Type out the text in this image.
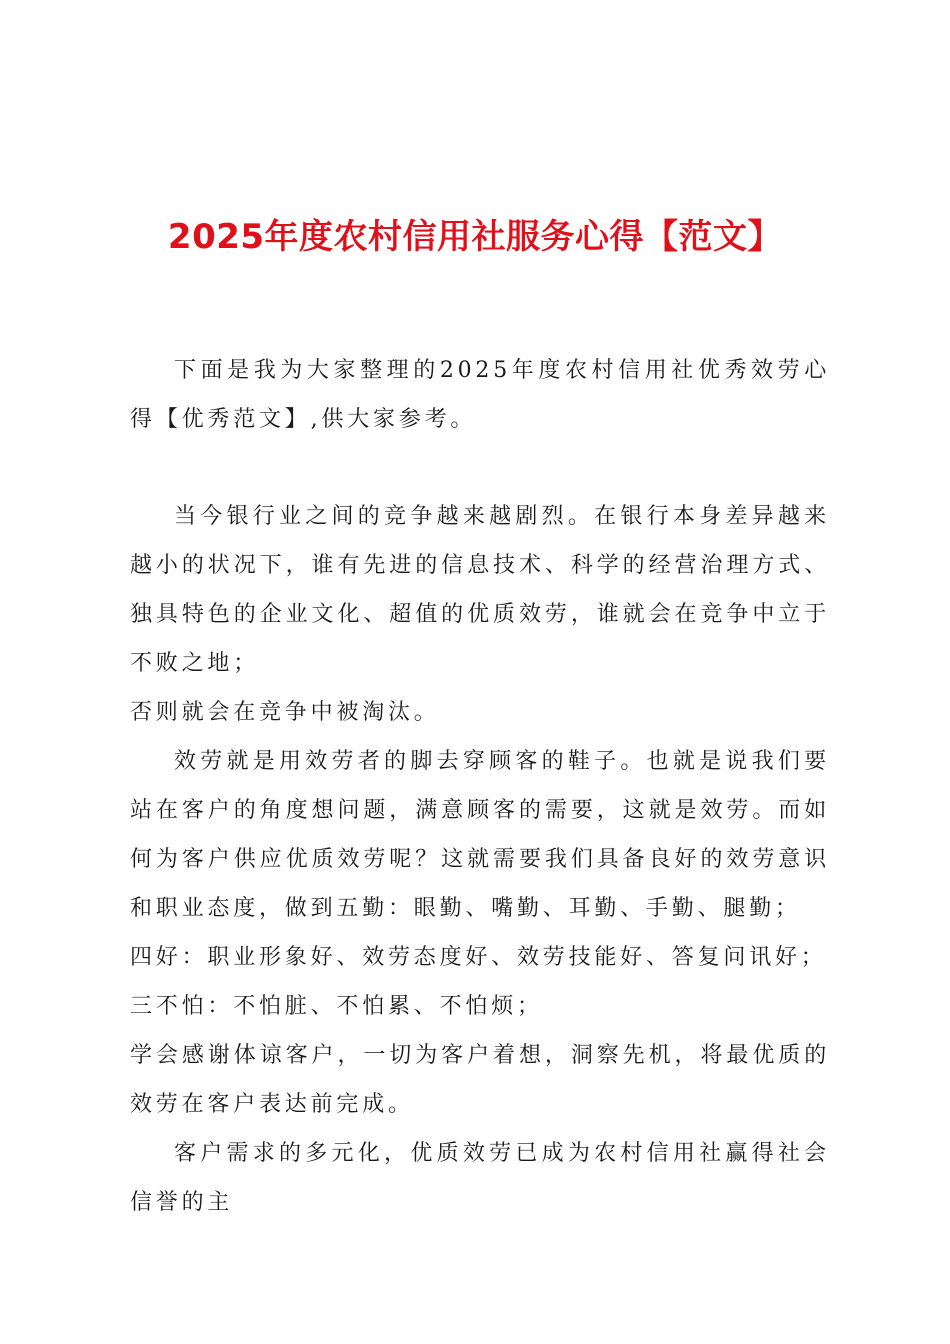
2025年度农村信用社服务心得【范文】

下面是我为大家整理的2025年度农村信用社优秀效劳心得【优秀范文】,供大家参考。

当今银行业之间的竞争越来越剧烈。在银行本身差异越来越小的状况下，谁有先进的信息技术、科学的经营治理方式、独具特色的企业文化、超值的优质效劳，谁就会在竞争中立于不败之地；

否则就会在竞争中被淘汰。

效劳就是用效劳者的脚去穿顾客的鞋子。也就是说我们要站在客户的角度想问题，满意顾客的需要，这就是效劳。而如何为客户供应优质效劳呢？这就需要我们具备良好的效劳意识和职业态度，做到五勤：眼勤、嘴勤、耳勤、手勤、腿勤；

四好：职业形象好、效劳态度好、效劳技能好、答复问讯好；

三不怕：不怕脏、不怕累、不怕烦；

学会感谢体谅客户，一切为客户着想，洞察先机，将最优质的效劳在客户表达前完成。

客户需求的多元化，优质效劳已成为农村信用社赢得社会信誉的主
